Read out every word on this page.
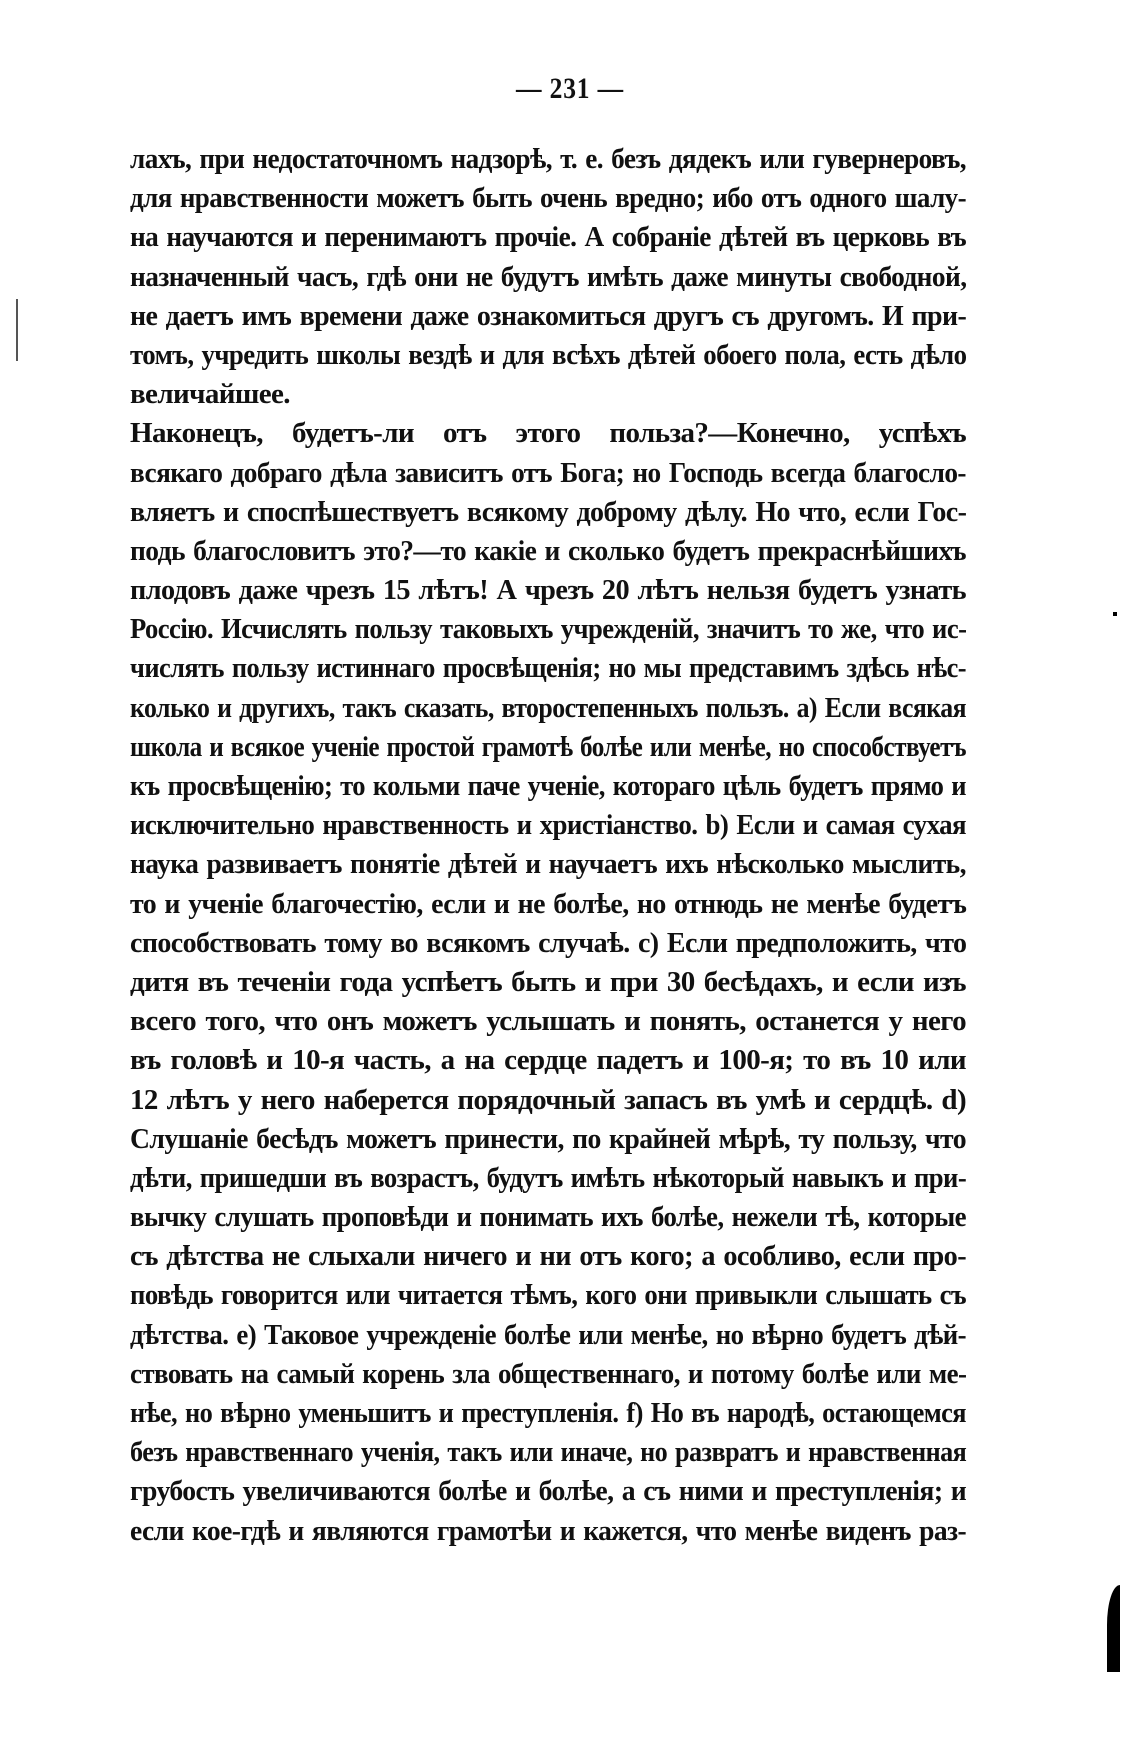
— 231 —
лахъ, при недостаточномъ надзорѣ, т. е. безъ дядекъ или гувернеровъ,
для нравственности можетъ быть очень вредно; ибо отъ одного шалу-
на научаются и перенимаютъ прочіе. А собраніе дѣтей въ церковь въ
назначенный часъ, гдѣ они не будутъ имѣть даже минуты свободной,
не даетъ имъ времени даже ознакомиться другъ съ другомъ. И при-
томъ, учредить школы вездѣ и для всѣхъ дѣтей обоего пола, есть дѣло
величайшее.
Наконецъ, будетъ-ли отъ этого польза?—Конечно, успѣхъ
всякаго добраго дѣла зависитъ отъ Бога; но Господь всегда благосло-
вляетъ и споспѣшествуетъ всякому доброму дѣлу. Но что, если Гос-
подь благословитъ это?—то какіе и сколько будетъ прекраснѣйшихъ
плодовъ даже чрезъ 15 лѣтъ! А чрезъ 20 лѣтъ нельзя будетъ узнать
Россію. Исчислять пользу таковыхъ учрежденій, значитъ то же, что ис-
числять пользу истиннаго просвѣщенія; но мы представимъ здѣсь нѣс-
колько и другихъ, такъ сказать, второстепенныхъ пользъ. a) Если всякая
школа и всякое ученіе простой грамотѣ болѣе или менѣе, но способствуетъ
къ просвѣщенію; то кольми паче ученіе, котораго цѣль будетъ прямо и
исключительно нравственность и христіанство. b) Если и самая сухая
наука развиваетъ понятіе дѣтей и научаетъ ихъ нѣсколько мыслить,
то и ученіе благочестію, если и не болѣе, но отнюдь не менѣе будетъ
способствовать тому во всякомъ случаѣ. c) Если предположить, что
дитя въ теченіи года успѣетъ быть и при 30 бесѣдахъ, и если изъ
всего того, что онъ можетъ услышать и понять, останется у него
въ головѣ и 10-я часть, а на сердце падетъ и 100-я; то въ 10 или
12 лѣтъ у него наберется порядочный запасъ въ умѣ и сердцѣ. d)
Слушаніе бесѣдъ можетъ принести, по крайней мѣрѣ, ту пользу, что
дѣти, пришедши въ возрастъ, будутъ имѣть нѣкоторый навыкъ и при-
вычку слушать проповѣди и понимать ихъ болѣе, нежели тѣ, которые
съ дѣтства не слыхали ничего и ни отъ кого; а особливо, если про-
повѣдь говорится или читается тѣмъ, кого они привыкли слышать съ
дѣтства. e) Таковое учрежденіе болѣе или менѣе, но вѣрно будетъ дѣй-
ствовать на самый корень зла общественнаго, и потому болѣе или ме-
нѣе, но вѣрно уменьшитъ и преступленія. f) Но въ народѣ, остающемся
безъ нравственнаго ученія, такъ или иначе, но развратъ и нравственная
грубость увеличиваются болѣе и болѣе, а съ ними и преступленія; и
если кое-гдѣ и являются грамотѣи и кажется, что менѣе виденъ раз-
